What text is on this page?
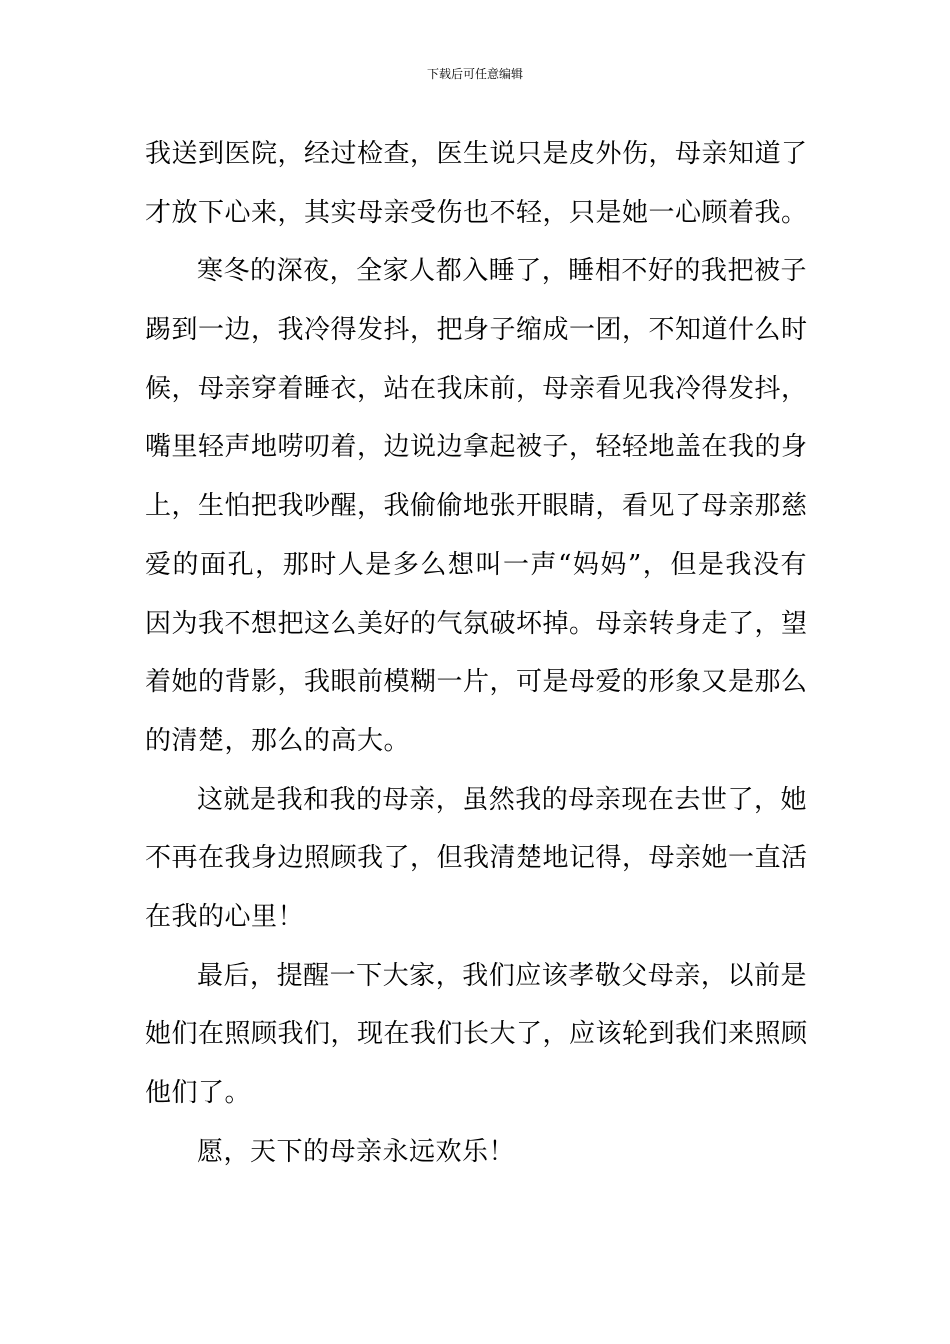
下载后可任意编辑
我送到医院，经过检查，医生说只是皮外伤，母亲知道了
才放下心来，其实母亲受伤也不轻，只是她一心顾着我。
寒冬的深夜，全家人都入睡了，睡相不好的我把被子
踢到一边，我冷得发抖，把身子缩成一团，不知道什么时
候，母亲穿着睡衣，站在我床前，母亲看见我冷得发抖，
嘴里轻声地唠叨着，边说边拿起被子，轻轻地盖在我的身
上，生怕把我吵醒，我偷偷地张开眼睛，看见了母亲那慈
爱的面孔，那时人是多么想叫一声“妈妈”，但是我没有
因为我不想把这么美好的气氛破坏掉。母亲转身走了，望
着她的背影，我眼前模糊一片，可是母爱的形象又是那么
的清楚，那么的高大。
这就是我和我的母亲，虽然我的母亲现在去世了，她
不再在我身边照顾我了，但我清楚地记得，母亲她一直活
在我的心里！
最后，提醒一下大家，我们应该孝敬父母亲，以前是
她们在照顾我们，现在我们长大了，应该轮到我们来照顾
他们了。
愿，天下的母亲永远欢乐！
